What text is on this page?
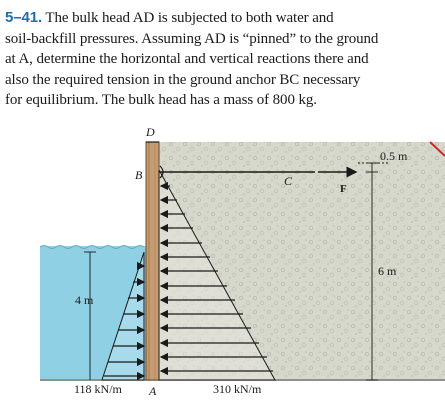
5–41. The bulk head AD is subjected to both water and
soil-backfill pressures. Assuming AD is “pinned” to the ground
at A, determine the horizontal and vertical reactions there and
also the required tension in the ground anchor BC necessary
for equilibrium. The bulk head has a mass of 800 kg.

D
B	C
F
A
0.5 m
6 m
4 m
118 kN/m	310 kN/m
